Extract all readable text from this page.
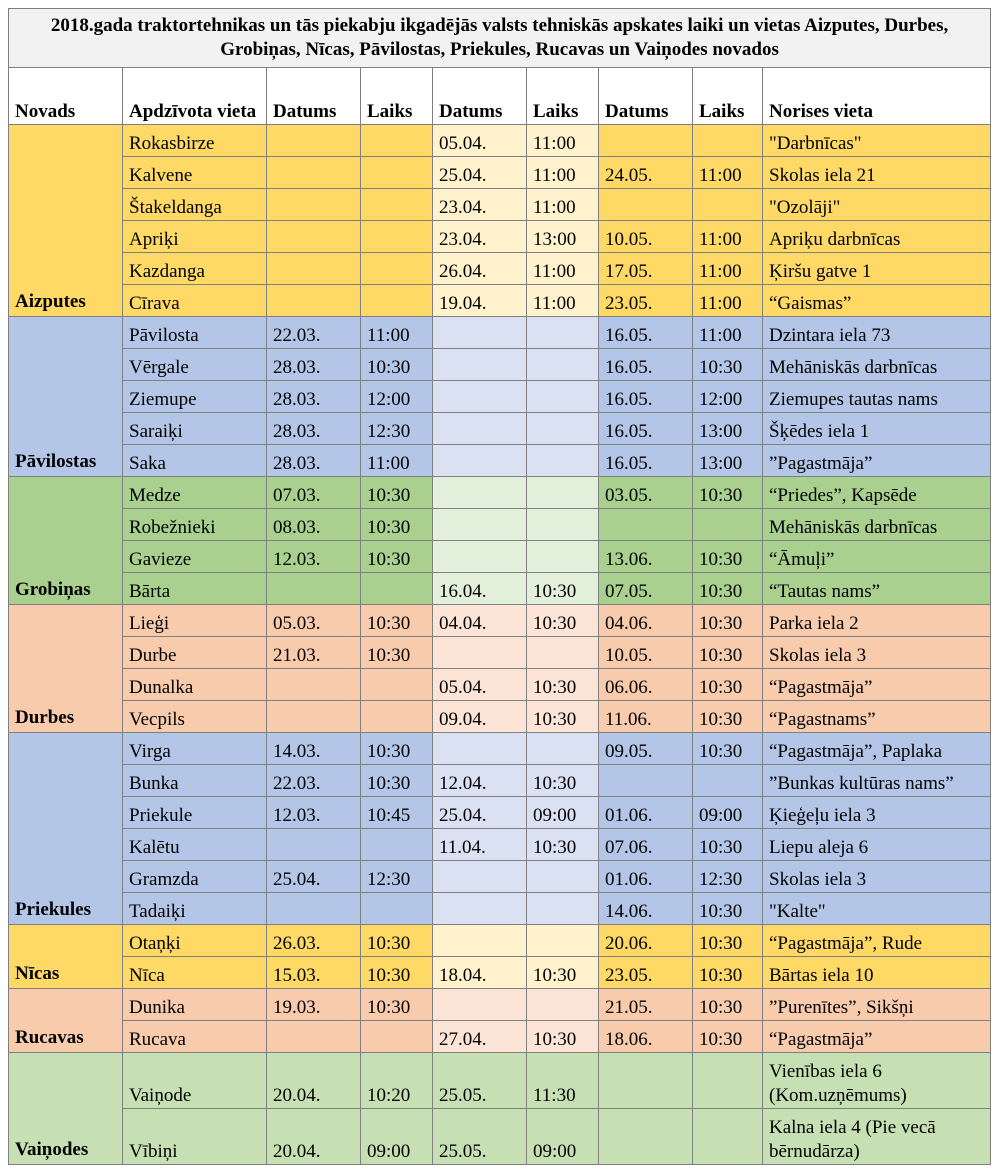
2018.gada traktortehnikas un tās piekabju ikgadējās valsts tehniskās apskates laiki un vietas Aizputes, Durbes, Grobiņas, Nīcas, Pāvilostas, Priekules, Rucavas un Vaiņodes novados								
Novads	Apdzīvota vieta	Datums	Laiks	Datums	Laiks	Datums	Laiks	Norises vieta
Aizputes	Rokasbirze			05.04.	11:00			"Darbnīcas"
	Kalvene			25.04.	11:00	24.05.	11:00	Skolas iela 21
	Štakeldanga			23.04.	11:00			"Ozolāji"
	Apriķi			23.04.	13:00	10.05.	11:00	Apriķu darbnīcas
	Kazdanga			26.04.	11:00	17.05.	11:00	Ķiršu gatve 1
	Cīrava			19.04.	11:00	23.05.	11:00	“Gaismas”
Pāvilostas	Pāvilosta	22.03.	11:00			16.05.	11:00	Dzintara iela 73
	Vērgale	28.03.	10:30			16.05.	10:30	Mehāniskās darbnīcas
	Ziemupe	28.03.	12:00			16.05.	12:00	Ziemupes tautas nams
	Saraiķi	28.03.	12:30			16.05.	13:00	Šķēdes iela 1
	Saka	28.03.	11:00			16.05.	13:00	”Pagastmāja”
Grobiņas	Medze	07.03.	10:30			03.05.	10:30	“Priedes”, Kapsēde
	Robežnieki	08.03.	10:30					Mehāniskās darbnīcas
	Gavieze	12.03.	10:30			13.06.	10:30	“Āmuļi”
	Bārta			16.04.	10:30	07.05.	10:30	“Tautas nams”
Durbes	Lieģi	05.03.	10:30	04.04.	10:30	04.06.	10:30	Parka iela 2
	Durbe	21.03.	10:30			10.05.	10:30	Skolas iela 3
	Dunalka			05.04.	10:30	06.06.	10:30	“Pagastmāja”
	Vecpils			09.04.	10:30	11.06.	10:30	“Pagastnams”
Priekules	Virga	14.03.	10:30			09.05.	10:30	“Pagastmāja”, Paplaka
	Bunka	22.03.	10:30	12.04.	10:30			”Bunkas kultūras nams”
	Priekule	12.03.	10:45	25.04.	09:00	01.06.	09:00	Ķieģeļu iela 3
	Kalētu			11.04.	10:30	07.06.	10:30	Liepu aleja 6
	Gramzda	25.04.	12:30			01.06.	12:30	Skolas iela 3
	Tadaiķi					14.06.	10:30	"Kalte"
Nīcas	Otaņķi	26.03.	10:30			20.06.	10:30	“Pagastmāja”, Rude
	Nīca	15.03.	10:30	18.04.	10:30	23.05.	10:30	Bārtas iela 10
Rucavas	Dunika	19.03.	10:30			21.05.	10:30	”Purenītes”, Sikšņi
	Rucava			27.04.	10:30	18.06.	10:30	“Pagastmāja”
Vaiņodes	Vaiņode	20.04.	10:20	25.05.	11:30			Vienības iela 6 (Kom.uzņēmums)
	Vībiņi	20.04.	09:00	25.05.	09:00			Kalna iela 4 (Pie vecā bērnudārza)
